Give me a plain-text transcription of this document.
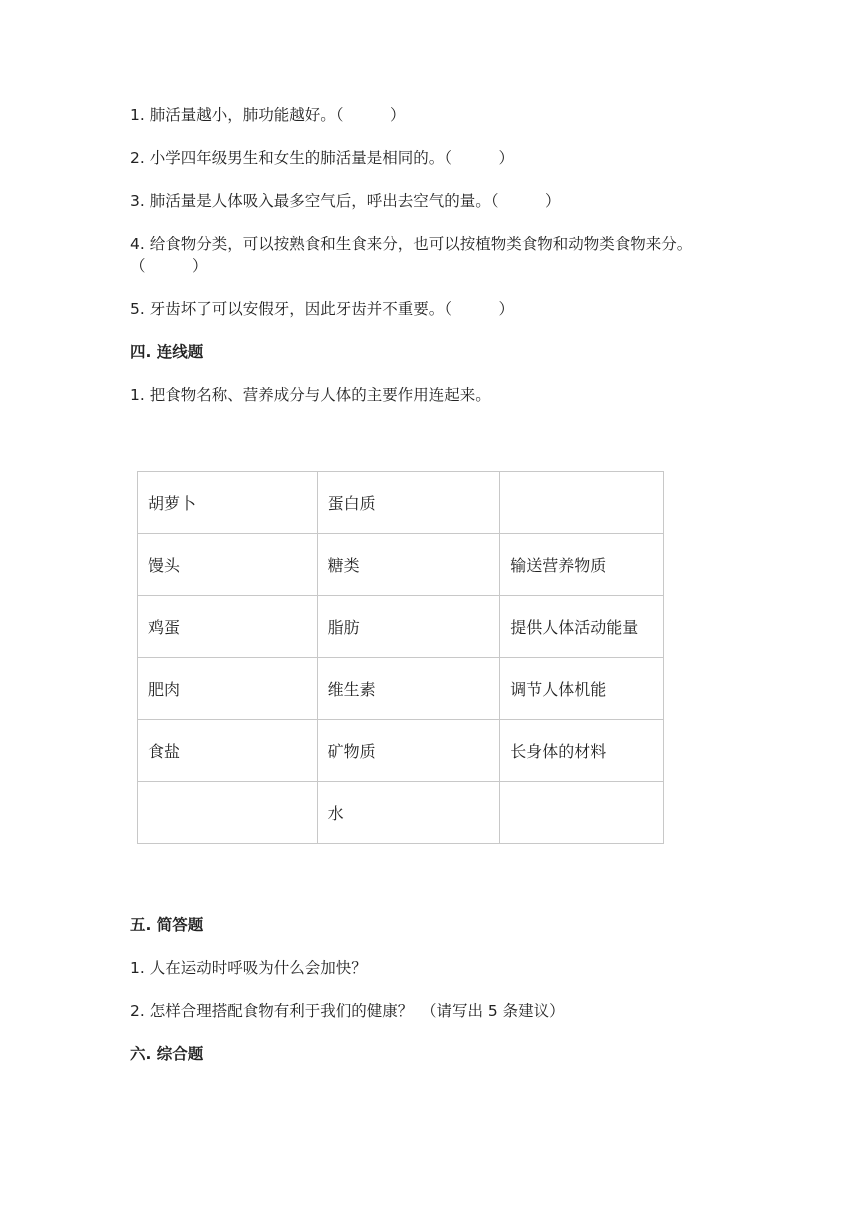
1. 肺活量越小，肺功能越好。（　　　）
2. 小学四年级男生和女生的肺活量是相同的。（　　　）
3. 肺活量是人体吸入最多空气后，呼出去空气的量。（　　　）
4. 给食物分类，可以按熟食和生食来分，也可以按植物类食物和动物类食物来分。（　　　）
5. 牙齿坏了可以安假牙，因此牙齿并不重要。（　　　）
四. 连线题
1. 把食物名称、营养成分与人体的主要作用连起来。
胡萝卜	蛋白质	
馒头	糖类	输送营养物质
鸡蛋	脂肪	提供人体活动能量
肥肉	维生素	调节人体机能
食盐	矿物质	长身体的材料
	水	
五. 简答题
1. 人在运动时呼吸为什么会加快？
2. 怎样合理搭配食物有利于我们的健康？　（请写出 5 条建议）
六. 综合题
